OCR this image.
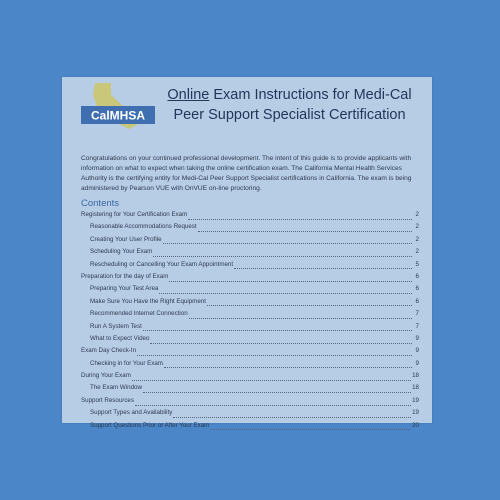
CalMHSA
Online Exam Instructions for Medi-Cal
Peer Support Specialist Certification
Congratulations on your continued professional development. The intent of this guide is to provide applicants with information on what to expect when taking the online certification exam. The California Mental Health Services Authority is the certifying entity for Medi-Cal Peer Support Specialist certifications in California. The exam is being administered by Pearson VUE with OnVUE on-line proctoring.
Contents
Registering for Your Certification Exam	2
Reasonable Accommodations Request	2
Creating Your User Profile	2
Scheduling Your Exam	2
Rescheduling or Cancelling Your Exam Appointment	5
Preparation for the day of Exam	6
Preparing Your Test Area	6
Make Sure You Have the Right Equipment	6
Recommended Internet Connection	7
Run A System Test	7
What to Expect Video	9
Exam Day Check-In	9
Checking in for Your Exam	9
During Your Exam	18
The Exam Window	18
Support Resources	19
Support Types and Availability	19
Support Questions Prior or After Your Exam	20
